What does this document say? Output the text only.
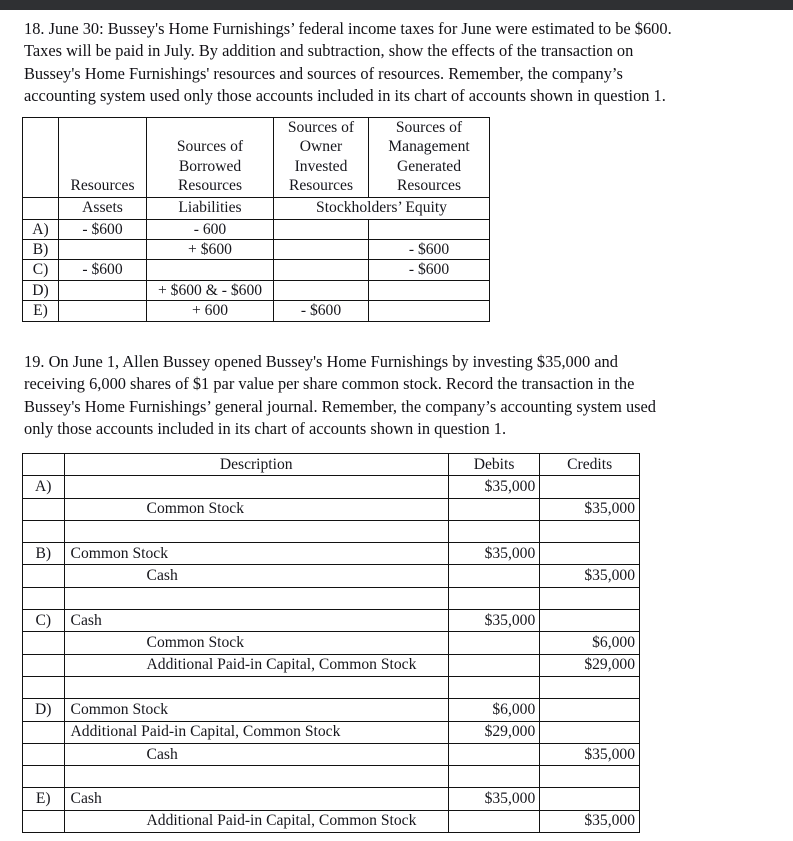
18. June 30: Bussey's Home Furnishings’ federal income taxes for June were estimated to be $600.
Taxes will be paid in July. By addition and subtraction, show the effects of the transaction on
Bussey's Home Furnishings' resources and sources of resources. Remember, the company’s
accounting system used only those accounts included in its chart of accounts shown in question 1.

	Resources	Sources of
Borrowed
Resources	Sources of
Owner
Invested
Resources	Sources of
Management
Generated
Resources

	Assets	Liabilities	Stockholders’ Equity	
A)	- $600	- 600		
B)		+ $600		- $600
C)	- $600			- $600
D)		+ $600 & - $600		
E)		+ 600	- $600	
19. On June 1, Allen Bussey opened Bussey's Home Furnishings by investing $35,000 and
receiving 6,000 shares of $1 par value per share common stock. Record the transaction in the
Bussey's Home Furnishings’ general journal. Remember, the company’s accounting system used
only those accounts included in its chart of accounts shown in question 1.
	Description	Debits	Credits
A)		$35,000	
	Common Stock		$35,000

B)	Common Stock	$35,000	
	Cash		$35,000

C)	Cash	$35,000	
	Common Stock		$6,000
	Additional Paid-in Capital, Common Stock		$29,000

D)	Common Stock	$6,000	
	Additional Paid-in Capital, Common Stock	$29,000	
	Cash		$35,000

E)	Cash	$35,000	
	Additional Paid-in Capital, Common Stock		$35,000
